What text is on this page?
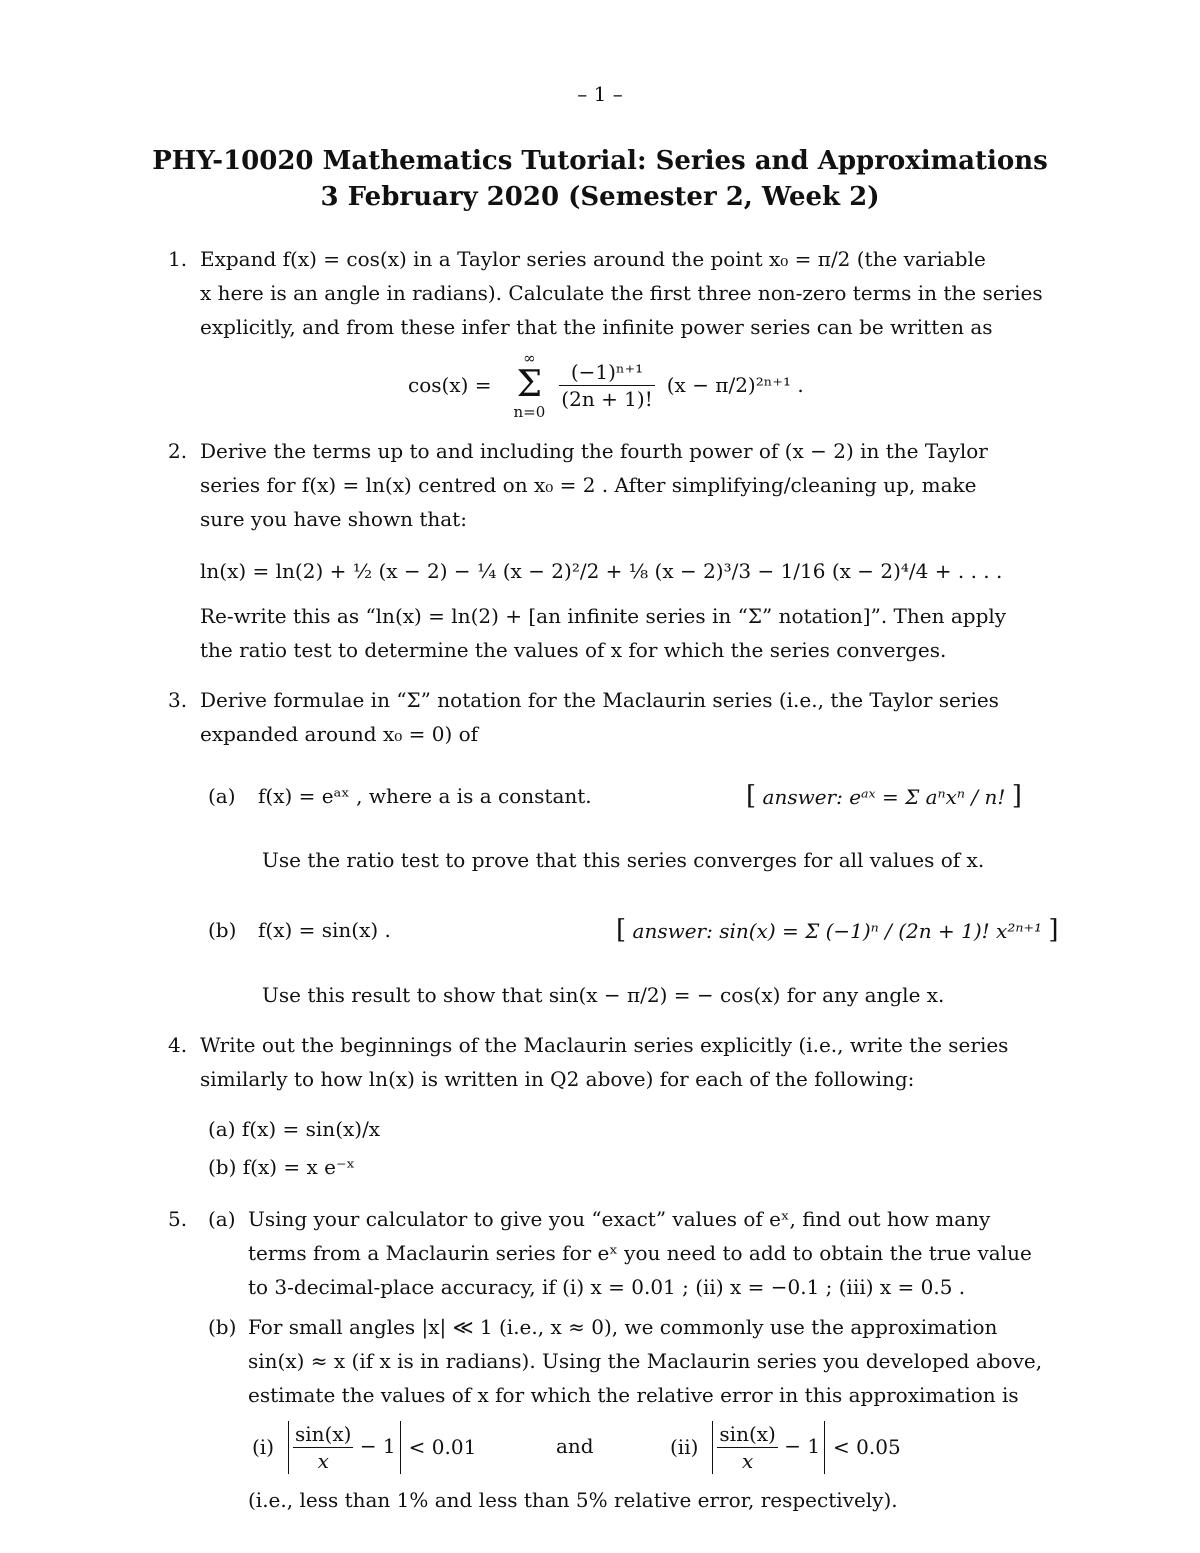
– 1 –
PHY-10020 Mathematics Tutorial: Series and Approximations
3 February 2020 (Semester 2, Week 2)
1. Expand f(x) = cos(x) in a Taylor series around the point x₀ = π/2 (the variable
x here is an angle in radians). Calculate the first three non-zero terms in the series
explicitly, and from these infer that the infinite power series can be written as
cos(x) =
∞
Σ
n=0
$\frac{\text{(−1)ⁿ⁺¹}}{(2n + 1)!} (x - \pi/2)^{2n+1}$ .
2. Derive the terms up to and including the fourth power of (x − 2) in the Taylor
series for f(x) = ln(x) centred on x₀ = 2 . After simplifying/cleaning up, make
sure you have shown that:
ln(x) = ln(2) + ½ (x − 2) − ¼ (x − 2)²/2 + ⅛ (x − 2)³/3 − 1/16 (x − 2)⁴/4 + . . . .
Re-write this as “ln(x) = ln(2) + [an infinite series in “Σ” notation]”. Then apply
the ratio test to determine the values of x for which the series converges.
3. Derive formulae in “Σ” notation for the Maclaurin series (i.e., the Taylor series
expanded around x₀ = 0) of
(a) f(x) = eᵃˣ , where a is a constant.	[ answer: eᵃˣ = Σ aⁿxⁿ / n! ]
Use the ratio test to prove that this series converges for all values of x.
(b) f(x) = sin(x) .	[ answer: sin(x) = Σ (−1)ⁿ / (2n + 1)! x²ⁿ⁺¹ ]
Use this result to show that sin(x − π/2) = − cos(x) for any angle x.
4. Write out the beginnings of the Maclaurin series explicitly (i.e., write the series
similarly to how ln(x) is written in Q2 above) for each of the following:
(a) f(x) = sin(x)/x
(b) f(x) = x e⁻ˣ
5. (a) Using your calculator to give you “exact” values of eˣ, find out how many
terms from a Maclaurin series for eˣ you need to add to obtain the true value
to 3-decimal-place accuracy, if (i) x = 0.01 ; (ii) x = −0.1 ; (iii) x = 0.5 .
(b) For small angles |x| ≪ 1 (i.e., x ≈ 0), we commonly use the approximation
sin(x) ≈ x (if x is in radians). Using the Maclaurin series you developed above,
estimate the values of x for which the relative error in this approximation is
$(i) \frac{\sin(x)}{x} - 1 < 0.01$	and	$(ii) \frac{\sin(x)}{x} - 1 < 0.05$
(i.e., less than 1% and less than 5% relative error, respectively).
